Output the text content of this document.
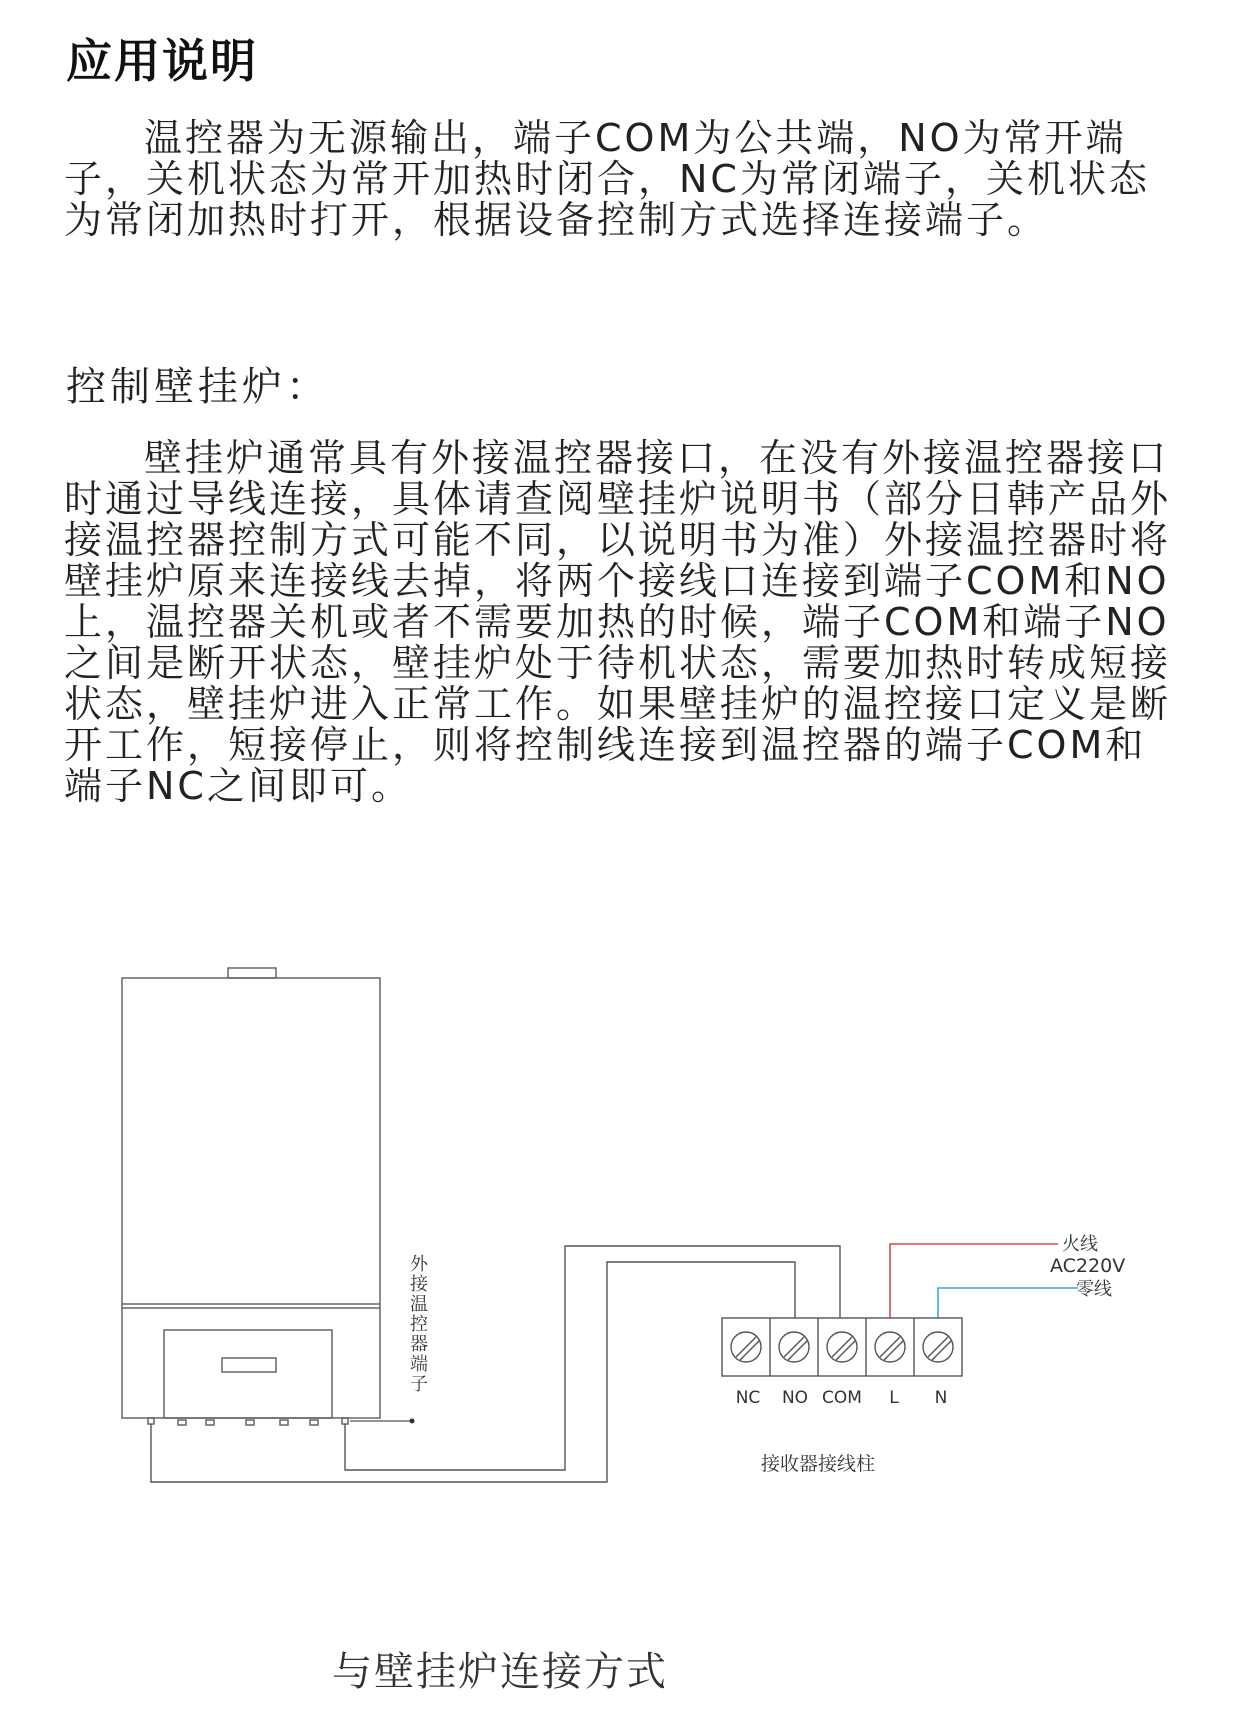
应用说明

温控器为无源输出，端子COM为公共端，NO为常开端子，关机状态为常开加热时闭合，NC为常闭端子，关机状态为常闭加热时打开，根据设备控制方式选择连接端子。

控制壁挂炉：

壁挂炉通常具有外接温控器接口，在没有外接温控器接口时通过导线连接，具体请查阅壁挂炉说明书（部分日韩产品外接温控器控制方式可能不同，以说明书为准）外接温控器时将壁挂炉原来连接线去掉，将两个接线口连接到端子COM和NO上，温控器关机或者不需要加热的时候，端子COM和端子NO之间是断开状态，壁挂炉处于待机状态，需要加热时转成短接状态，壁挂炉进入正常工作。如果壁挂炉的温控接口定义是断开工作，短接停止，则将控制线连接到温控器的端子COM和端子NC之间即可。

外
接
温
控
器
端
子
火线
AC220V
零线
NC NO COM L N
接收器接线柱

与壁挂炉连接方式
